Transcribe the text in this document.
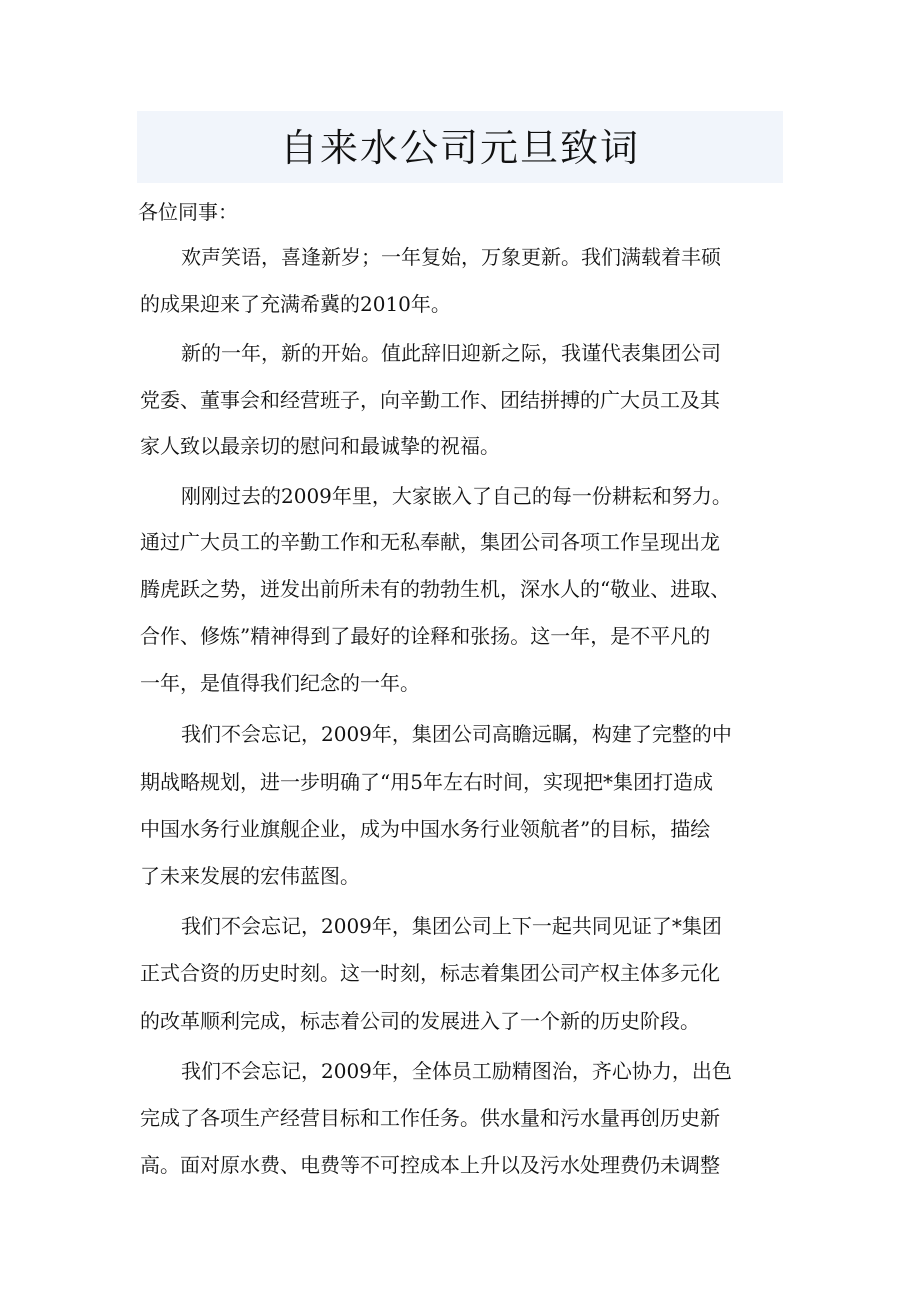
自来水公司元旦致词
各位同事：
欢声笑语，喜逢新岁；一年复始，万象更新。我们满载着丰硕
的成果迎来了充满希冀的2010年。
新的一年，新的开始。值此辞旧迎新之际，我谨代表集团公司
党委、董事会和经营班子，向辛勤工作、团结拼搏的广大员工及其
家人致以最亲切的慰问和最诚挚的祝福。
刚刚过去的2009年里，大家嵌入了自己的每一份耕耘和努力。
通过广大员工的辛勤工作和无私奉献，集团公司各项工作呈现出龙
腾虎跃之势，迸发出前所未有的勃勃生机，深水人的“敬业、进取、
合作、修炼”精神得到了最好的诠释和张扬。这一年，是不平凡的
一年，是值得我们纪念的一年。
我们不会忘记，2009年，集团公司高瞻远瞩，构建了完整的中
期战略规划，进一步明确了“用5年左右时间，实现把*集团打造成
中国水务行业旗舰企业，成为中国水务行业领航者”的目标，描绘
了未来发展的宏伟蓝图。
我们不会忘记，2009年，集团公司上下一起共同见证了*集团
正式合资的历史时刻。这一时刻，标志着集团公司产权主体多元化
的改革顺利完成，标志着公司的发展进入了一个新的历史阶段。
我们不会忘记，2009年，全体员工励精图治，齐心协力，出色
完成了各项生产经营目标和工作任务。供水量和污水量再创历史新
高。面对原水费、电费等不可控成本上升以及污水处理费仍未调整
